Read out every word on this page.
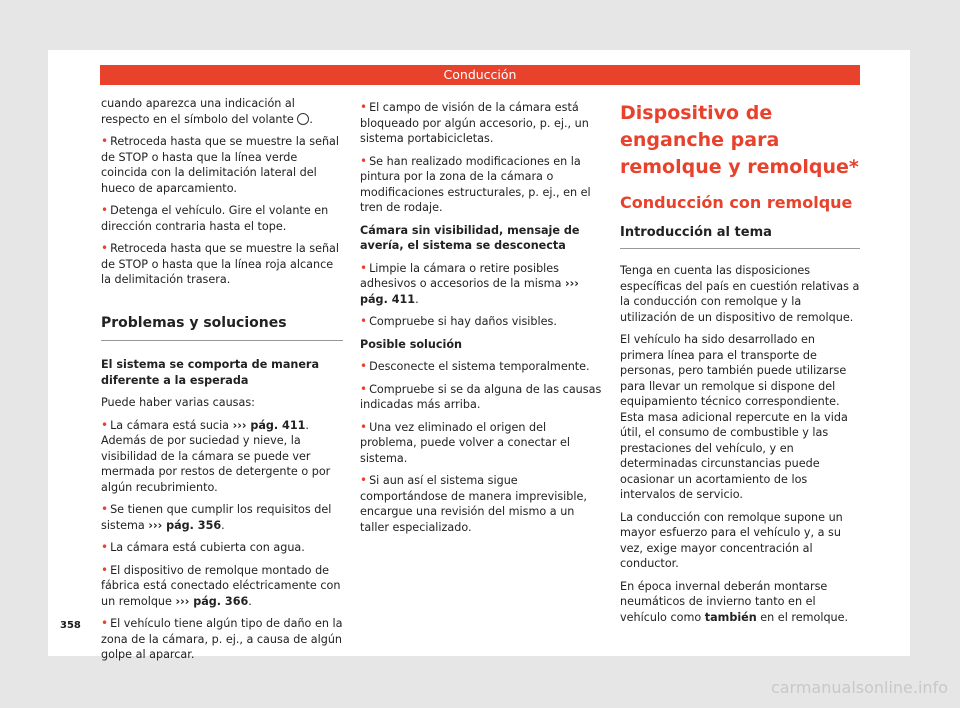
Conducción

cuando aparezca una indicación al respecto en el símbolo del volante .

• Retroceda hasta que se muestre la señal de STOP o hasta que la línea verde coincida con la delimitación lateral del hueco de aparcamiento.

• Detenga el vehículo. Gire el volante en dirección contraria hasta el tope.

• Retroceda hasta que se muestre la señal de STOP o hasta que la línea roja alcance la delimitación trasera.

Problemas y soluciones

El sistema se comporta de manera diferente a la esperada

Puede haber varias causas:

• La cámara está sucia ››› pág. 411. Además de por suciedad y nieve, la visibilidad de la cámara se puede ver mermada por restos de detergente o por algún recubrimiento.

• Se tienen que cumplir los requisitos del sistema ››› pág. 356.

• La cámara está cubierta con agua.

• El dispositivo de remolque montado de fábrica está conectado eléctricamente con un remolque ››› pág. 366.

• El vehículo tiene algún tipo de daño en la zona de la cámara, p. ej., a causa de algún golpe al aparcar.

• El campo de visión de la cámara está bloqueado por algún accesorio, p. ej., un sistema portabicicletas.

• Se han realizado modificaciones en la pintura por la zona de la cámara o modificaciones estructurales, p. ej., en el tren de rodaje.

Cámara sin visibilidad, mensaje de avería, el sistema se desconecta

• Limpie la cámara o retire posibles adhesivos o accesorios de la misma ››› pág. 411.

• Compruebe si hay daños visibles.

Posible solución

• Desconecte el sistema temporalmente.

• Compruebe si se da alguna de las causas indicadas más arriba.

• Una vez eliminado el origen del problema, puede volver a conectar el sistema.

• Si aun así el sistema sigue comportándose de manera imprevisible, encargue una revisión del mismo a un taller especializado.

Dispositivo de enganche para remolque y remolque*
Conducción con remolque
Introducción al tema

Tenga en cuenta las disposiciones específicas del país en cuestión relativas a la conducción con remolque y la utilización de un dispositivo de remolque.

El vehículo ha sido desarrollado en primera línea para el transporte de personas, pero también puede utilizarse para llevar un remolque si dispone del equipamiento técnico correspondiente. Esta masa adicional repercute en la vida útil, el consumo de combustible y las prestaciones del vehículo, y en determinadas circunstancias puede ocasionar un acortamiento de los intervalos de servicio.

La conducción con remolque supone un mayor esfuerzo para el vehículo y, a su vez, exige mayor concentración al conductor.

En época invernal deberán montarse neumáticos de invierno tanto en el vehículo como también en el remolque.

358
carmanualsonline.info
